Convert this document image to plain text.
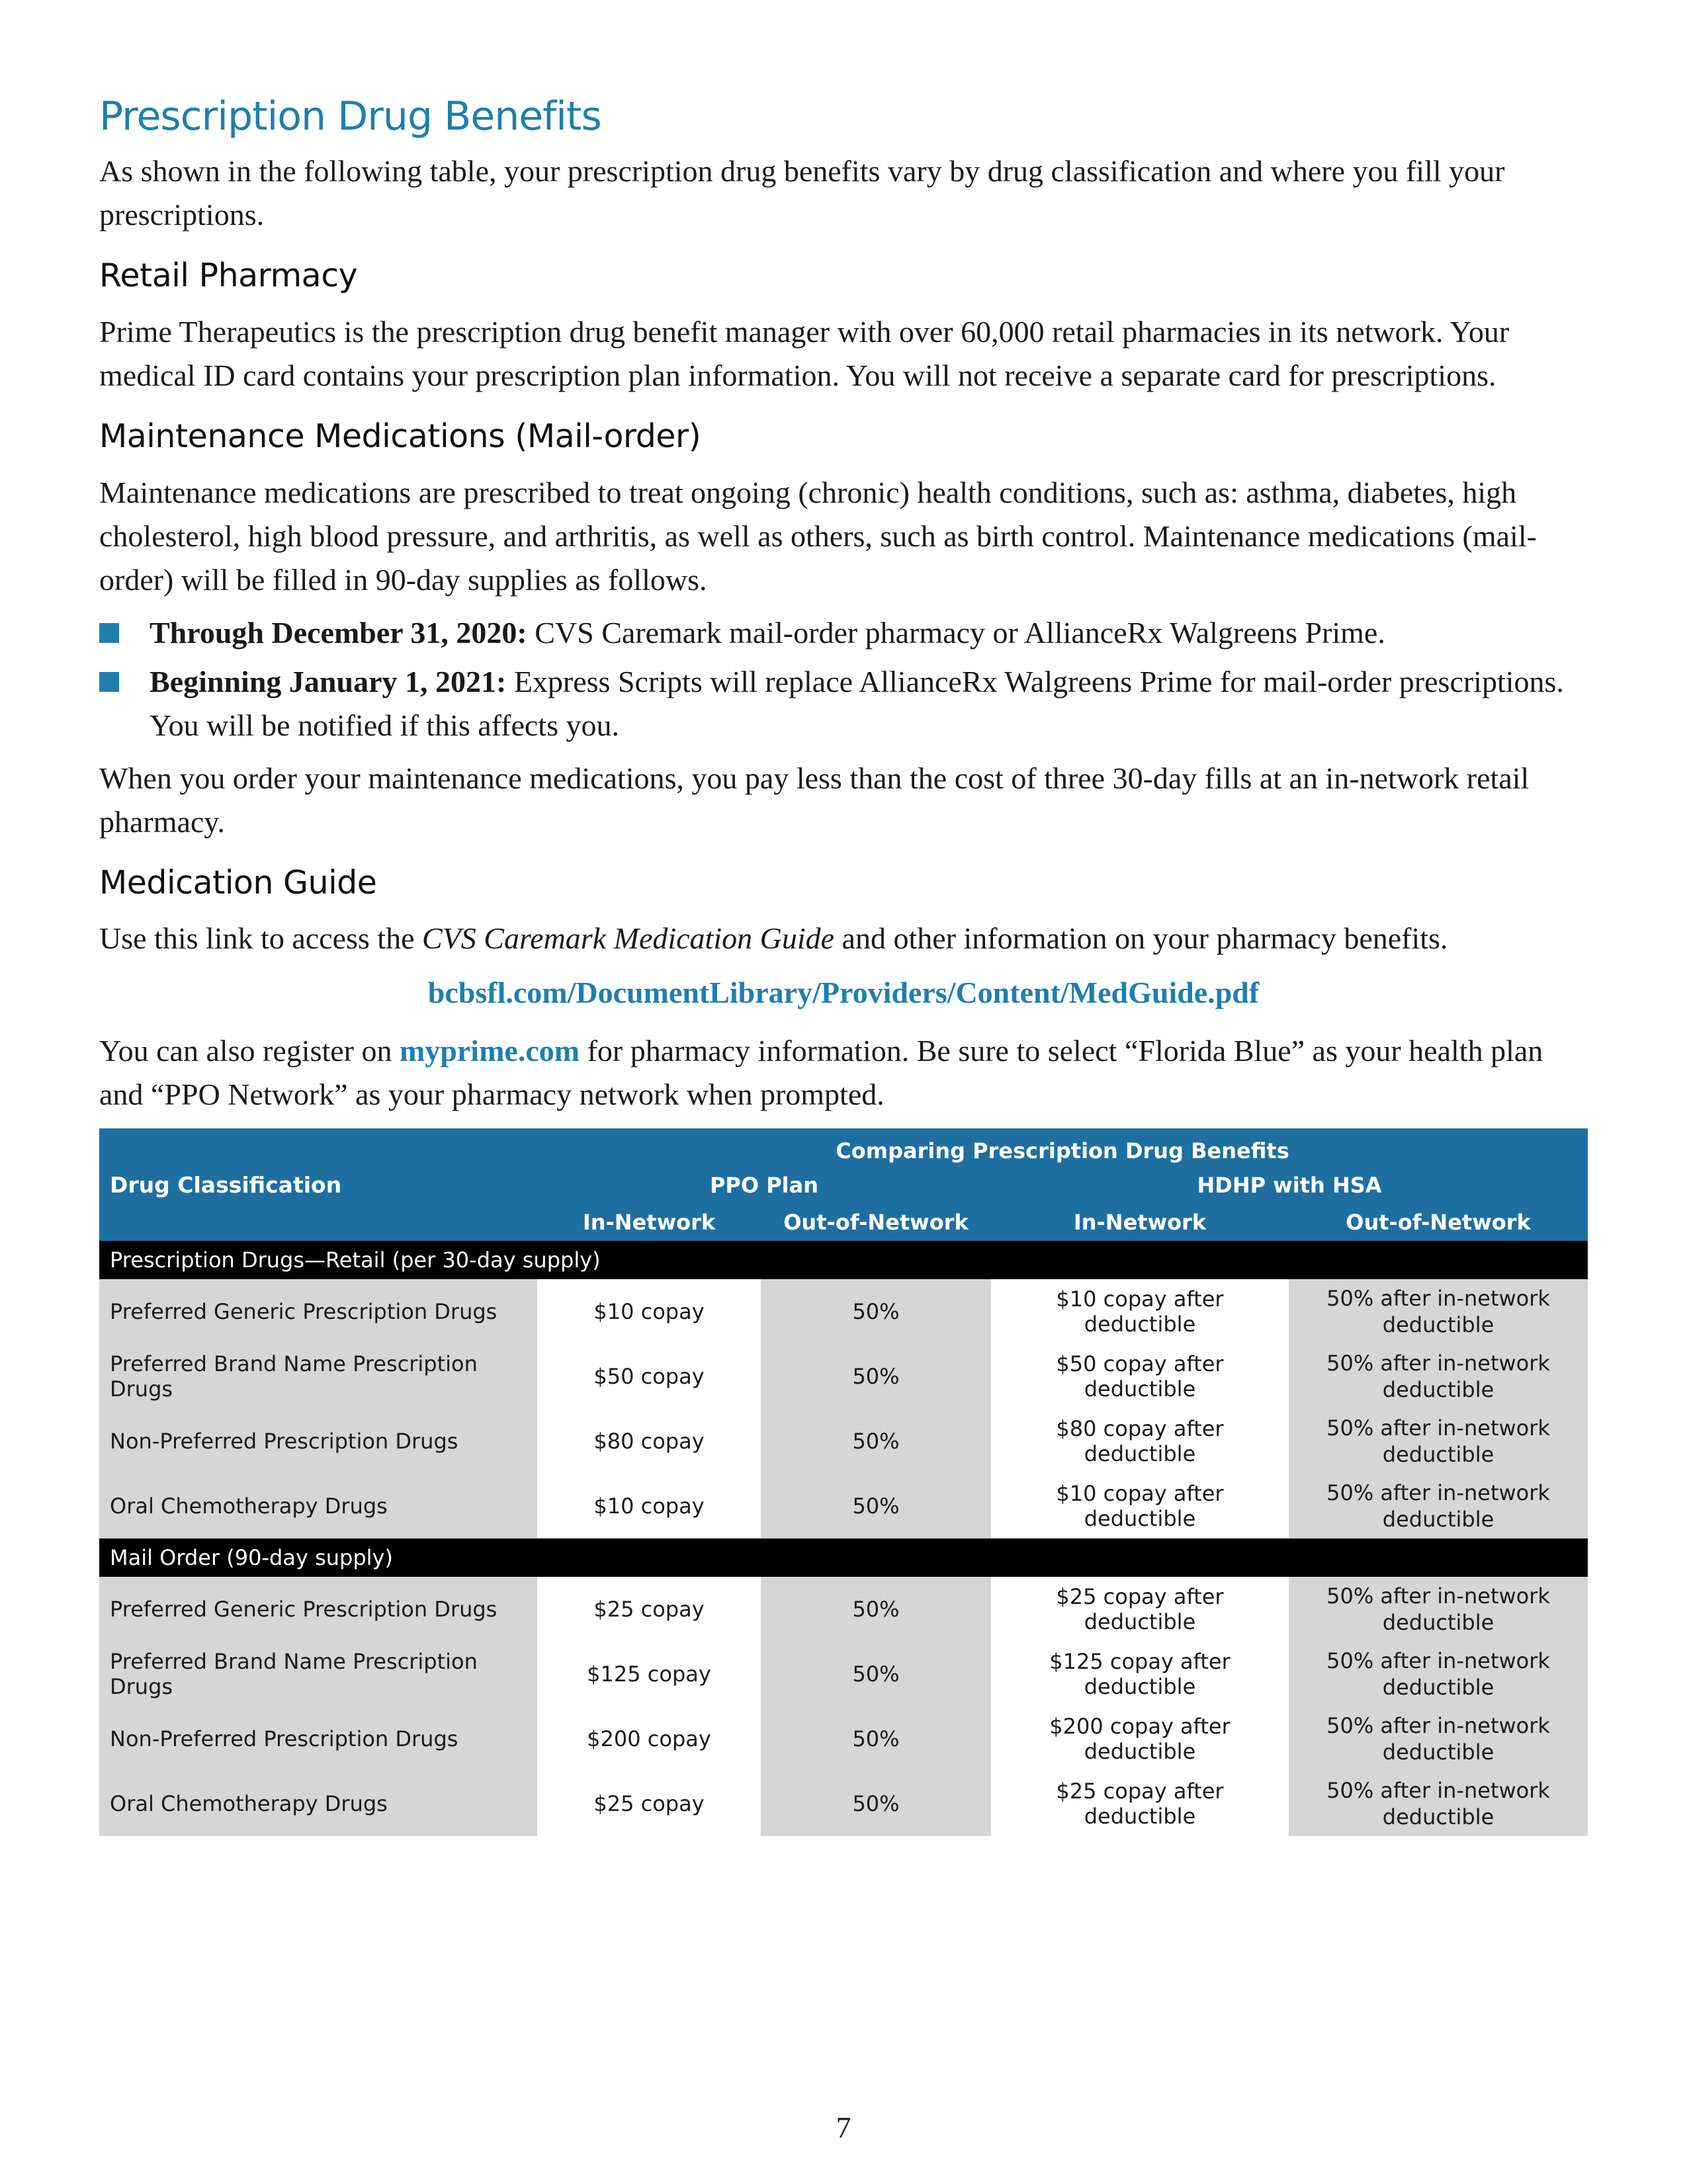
Prescription Drug Benefits

As shown in the following table, your prescription drug benefits vary by drug classification and where you fill your prescriptions.

Retail Pharmacy

Prime Therapeutics is the prescription drug benefit manager with over 60,000 retail pharmacies in its network. Your medical ID card contains your prescription plan information. You will not receive a separate card for prescriptions.

Maintenance Medications (Mail-order)

Maintenance medications are prescribed to treat ongoing (chronic) health conditions, such as: asthma, diabetes, high cholesterol, high blood pressure, and arthritis, as well as others, such as birth control. Maintenance medications (mail-order) will be filled in 90-day supplies as follows.

Through December 31, 2020: CVS Caremark mail-order pharmacy or AllianceRx Walgreens Prime.
Beginning January 1, 2021: Express Scripts will replace AllianceRx Walgreens Prime for mail-order prescriptions. You will be notified if this affects you.

When you order your maintenance medications, you pay less than the cost of three 30-day fills at an in-network retail pharmacy.

Medication Guide

Use this link to access the CVS Caremark Medication Guide and other information on your pharmacy benefits.

bcbsfl.com/DocumentLibrary/Providers/Content/MedGuide.pdf

You can also register on myprime.com for pharmacy information. Be sure to select “Florida Blue” as your health plan and “PPO Network” as your pharmacy network when prompted.

Drug Classification	Comparing Prescription Drug Benefits			
	PPO Plan		HDHP with HSA	
	In-Network	Out-of-Network	In-Network	Out-of-Network
Prescription Drugs—Retail (per 30-day supply)				
Preferred Generic Prescription Drugs	$10 copay	50%	$10 copay after deductible	50% after in-network deductible
Preferred Brand Name Prescription Drugs	$50 copay	50%	$50 copay after deductible	50% after in-network deductible
Non-Preferred Prescription Drugs	$80 copay	50%	$80 copay after deductible	50% after in-network deductible
Oral Chemotherapy Drugs	$10 copay	50%	$10 copay after deductible	50% after in-network deductible
Mail Order (90-day supply)				
Preferred Generic Prescription Drugs	$25 copay	50%	$25 copay after deductible	50% after in-network deductible
Preferred Brand Name Prescription Drugs	$125 copay	50%	$125 copay after deductible	50% after in-network deductible
Non-Preferred Prescription Drugs	$200 copay	50%	$200 copay after deductible	50% after in-network deductible
Oral Chemotherapy Drugs	$25 copay	50%	$25 copay after deductible	50% after in-network deductible
7
